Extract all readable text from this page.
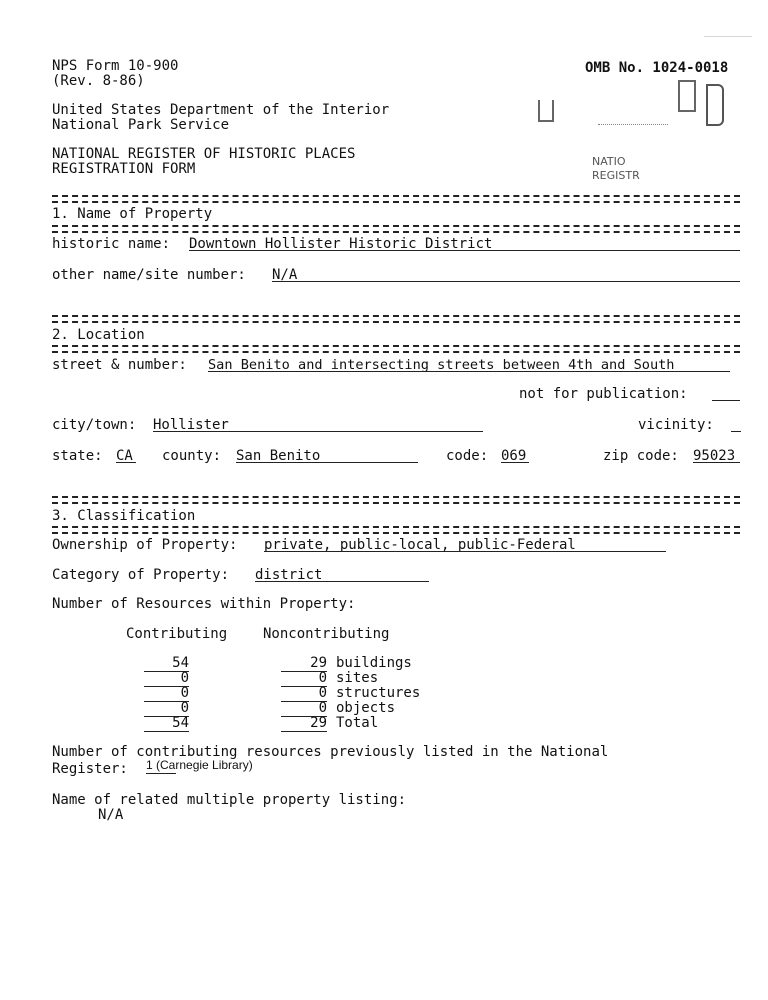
NPS Form 10-900
(Rev. 8-86)
OMB No. 1024-0018
United States Department of the Interior
National Park Service
NATIONAL REGISTER OF HISTORIC PLACES
REGISTRATION FORM	NATIO
REGISTR
1. Name of Property
historic name: Downtown Hollister Historic District
other name/site number: N/A
2. Location
street & number: San Benito and intersecting streets between 4th and South
not for publication:
city/town: Hollister	vicinity:
state: CA county: San Benito	code: 069	zip code: 95023
3. Classification
Ownership of Property: private, public-local, public-Federal
Category of Property: district
Number of Resources within Property:
Contributing	Noncontributing
54	29 buildings
0	0 sites
0	0 structures
0	0 objects
54	29 Total
Number of contributing resources previously listed in the National
Register: 1 (Carnegie Library)
Name of related multiple property listing:
N/A
